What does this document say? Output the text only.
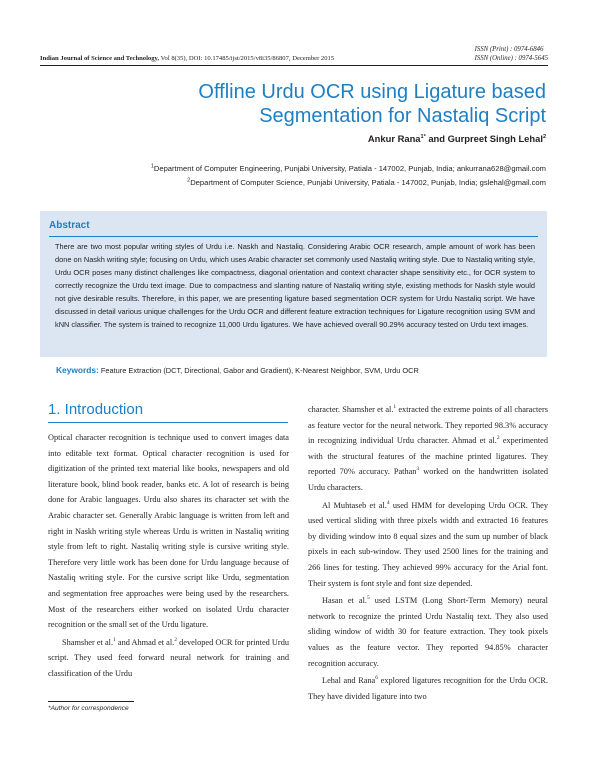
Indian Journal of Science and Technology, Vol 8(35), DOI: 10.17485/ijst/2015/v8i35/86807, December 2015
ISSN (Print) : 0974-6846
ISSN (Online) : 0974-5645
Offline Urdu OCR using Ligature based
Segmentation for Nastaliq Script
Ankur Rana$^{1*}$ and Gurpreet Singh Lehal$^2$
$^1$Department of Computer Engineering, Punjabi University, Patiala - 147002, Punjab, India; ankurrana628@gmail.com
$^2$Department of Computer Science, Punjabi University, Patiala - 147002, Punjab, India; gslehal@gmail.com
Abstract
There are two most popular writing styles of Urdu i.e. Naskh and Nastaliq. Considering Arabic OCR research, ample amount of work has been done on Naskh writing style; focusing on Urdu, which uses Arabic character set commonly used Nastaliq writing style. Due to Nastaliq writing style, Urdu OCR poses many distinct challenges like compactness, diagonal orientation and context character shape sensitivity etc., for OCR system to correctly recognize the Urdu text image. Due to compactness and slanting nature of Nastaliq writing style, existing methods for Naskh style would not give desirable results. Therefore, in this paper, we are presenting ligature based segmentation OCR system for Urdu Nastaliq script. We have discussed in detail various unique challenges for the Urdu OCR and different feature extraction techniques for Ligature recognition using SVM and kNN classifier. The system is trained to recognize 11,000 Urdu ligatures. We have achieved overall 90.29% accuracy tested on Urdu text images.
Keywords: Feature Extraction (DCT, Directional, Gabor and Gradient), K-Nearest Neighbor, SVM, Urdu OCR
1. Introduction

Optical character recognition is technique used to convert images data into editable text format. Optical character recognition is used for digitization of the printed text material like books, newspapers and old literature book, blind book reader, banks etc. A lot of research is being done for Arabic languages. Urdu also shares its character set with the Arabic character set. Generally Arabic language is written from left and right in Naskh writing style whereas Urdu is written in Nastaliq writing style from left to right. Nastaliq writing style is cursive writing style. Therefore very little work has been done for Urdu language because of Nastaliq writing style. For the cursive script like Urdu, segmentation and segmentation free approaches were being used by the researchers. Most of the researchers either worked on isolated Urdu character recognition or the small set of the Urdu ligature.

Shamsher et al.$^1$ and Ahmad et al.$^2$ developed OCR for printed Urdu script. They used feed forward neural network for training and classification of the Urdu

character. Shamsher et al.$^1$ extracted the extreme points of all characters as feature vector for the neural network. They reported 98.3% accuracy in recognizing individual Urdu character. Ahmad et al.$^2$ experimented with the structural features of the machine printed ligatures. They reported 70% accuracy. Pathan$^3$ worked on the handwritten isolated Urdu characters.

Al Muhtaseb et al.$^4$ used HMM for developing Urdu OCR. They used vertical sliding with three pixels width and extracted 16 features by dividing window into 8 equal sizes and the sum up number of black pixels in each sub-window. They used 2500 lines for the training and 266 lines for testing. They achieved 99% accuracy for the Arial font. Their system is font style and font size depended.

Hasan et al.$^5$ used LSTM (Long Short-Term Memory) neural network to recognize the printed Urdu Nastaliq text. They also used sliding window of width 30 for feature extraction. They took pixels values as the feature vector. They reported 94.85% character recognition accuracy.

Lehal and Rana$^6$ explored ligatures recognition for the Urdu OCR. They have divided ligature into two

*Author for correspondence
